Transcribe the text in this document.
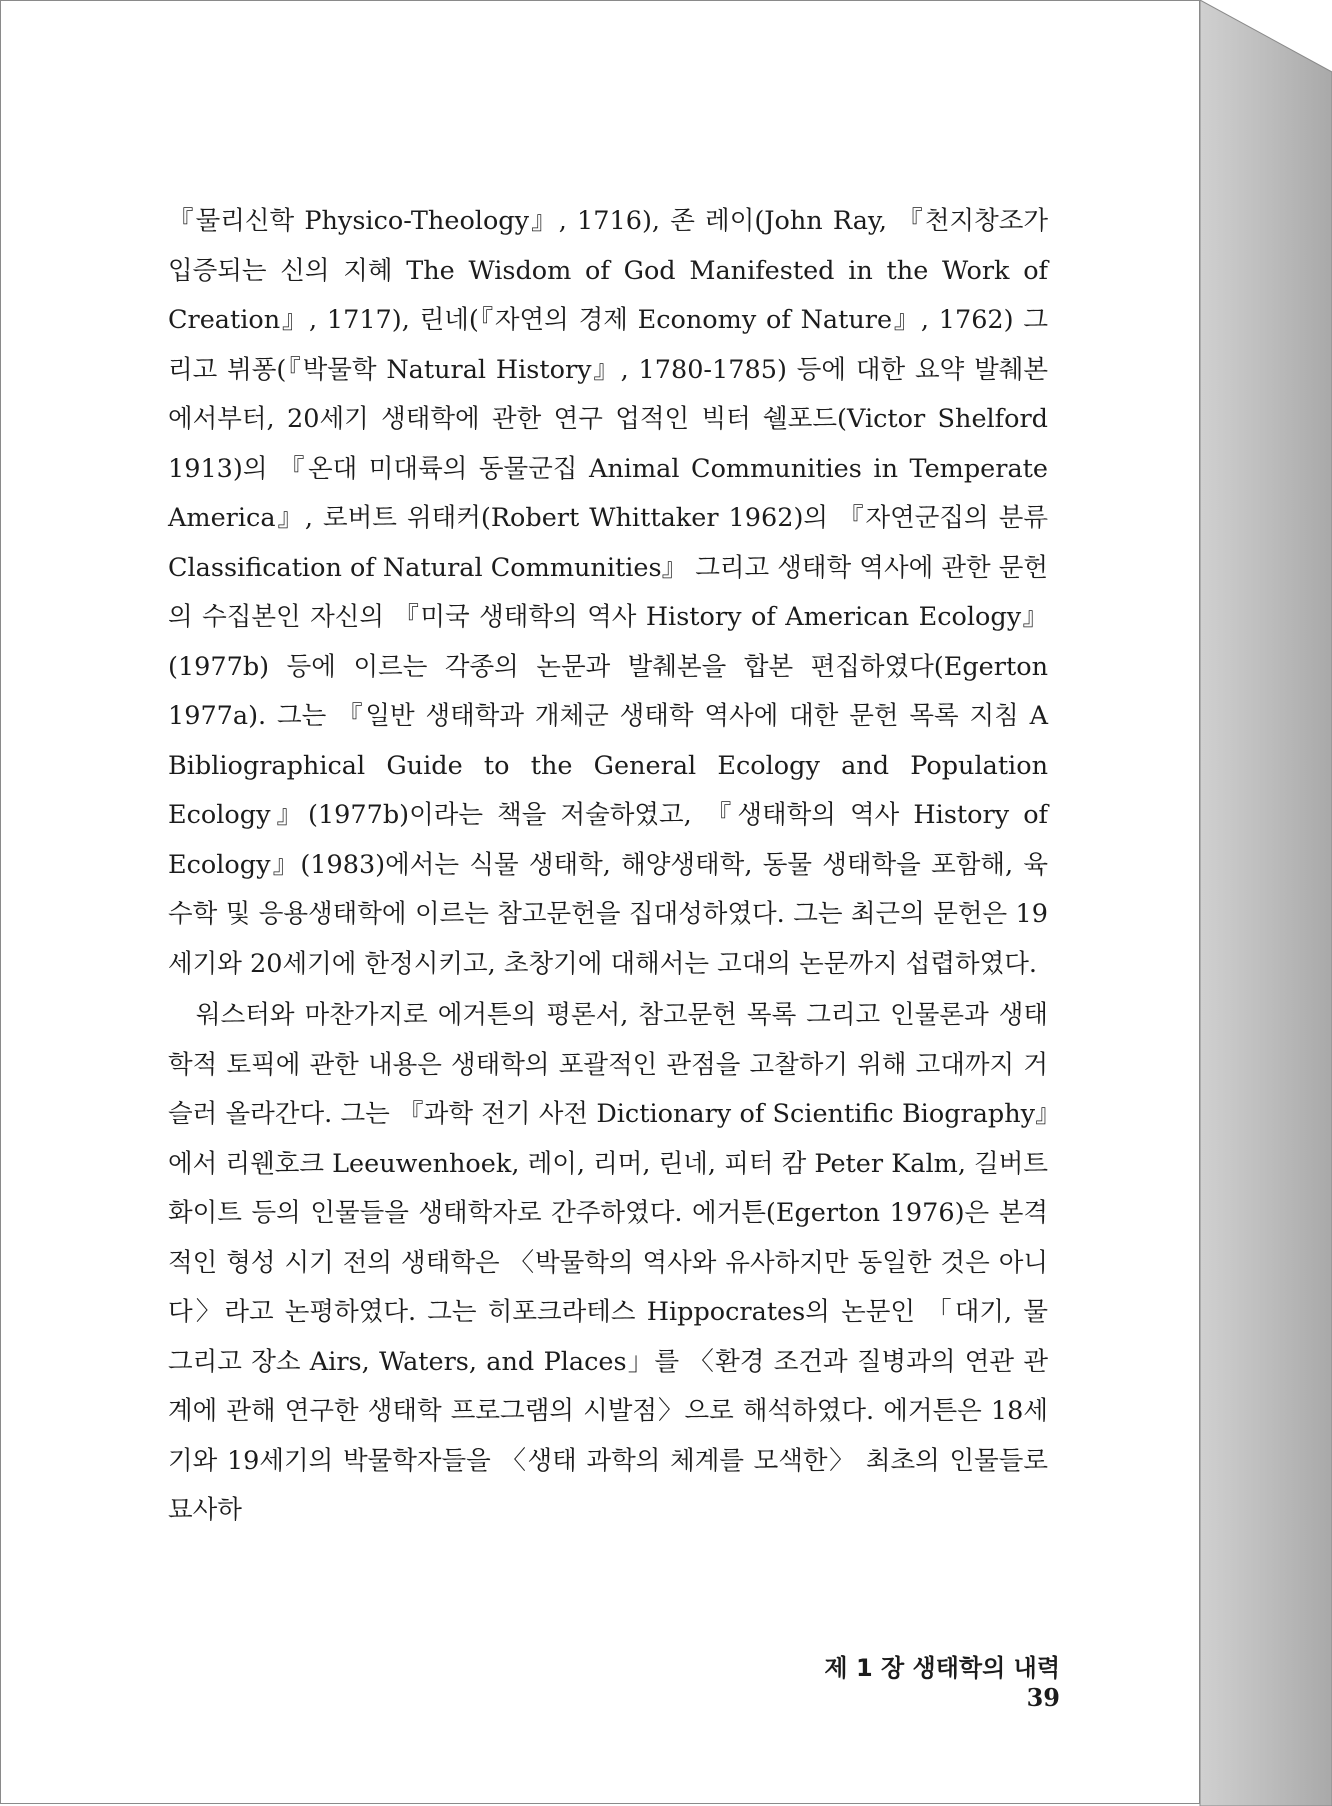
『물리신학 Physico-Theology』, 1716), 존 레이(John Ray, 『천지창조가 입증되는 신의 지혜 The Wisdom of God Manifested in the Work of Creation』, 1717), 린네(『자연의 경제 Economy of Nature』, 1762) 그리고 뷔퐁(『박물학 Natural History』, 1780-1785) 등에 대한 요약 발췌본에서부터, 20세기 생태학에 관한 연구 업적인 빅터 쉘포드(Victor Shelford 1913)의 『온대 미대륙의 동물군집 Animal Communities in Temperate America』, 로버트 위태커(Robert Whittaker 1962)의 『자연군집의 분류 Classification of Natural Communities』 그리고 생태학 역사에 관한 문헌의 수집본인 자신의 『미국 생태학의 역사 History of American Ecology』(1977b) 등에 이르는 각종의 논문과 발췌본을 합본 편집하였다(Egerton 1977a). 그는 『일반 생태학과 개체군 생태학 역사에 대한 문헌 목록 지침 A Bibliographical Guide to the General Ecology and Population Ecology』(1977b)이라는 책을 저술하였고, 『생태학의 역사 History of Ecology』(1983)에서는 식물 생태학, 해양생태학, 동물 생태학을 포함해, 육수학 및 응용생태학에 이르는 참고문헌을 집대성하였다. 그는 최근의 문헌은 19세기와 20세기에 한정시키고, 초창기에 대해서는 고대의 논문까지 섭렵하였다.

워스터와 마찬가지로 에거튼의 평론서, 참고문헌 목록 그리고 인물론과 생태학적 토픽에 관한 내용은 생태학의 포괄적인 관점을 고찰하기 위해 고대까지 거슬러 올라간다. 그는 『과학 전기 사전 Dictionary of Scientific Biography』에서 리웬호크 Leeuwenhoek, 레이, 리머, 린네, 피터 캄 Peter Kalm, 길버트 화이트 등의 인물들을 생태학자로 간주하였다. 에거튼(Egerton 1976)은 본격적인 형성 시기 전의 생태학은 〈박물학의 역사와 유사하지만 동일한 것은 아니다〉라고 논평하였다. 그는 히포크라테스 Hippocrates의 논문인 「대기, 물 그리고 장소 Airs, Waters, and Places」를 〈환경 조건과 질병과의 연관 관계에 관해 연구한 생태학 프로그램의 시발점〉으로 해석하였다. 에거튼은 18세기와 19세기의 박물학자들을 〈생태 과학의 체계를 모색한〉 최초의 인물들로 묘사하

제 1 장 생태학의 내력39
